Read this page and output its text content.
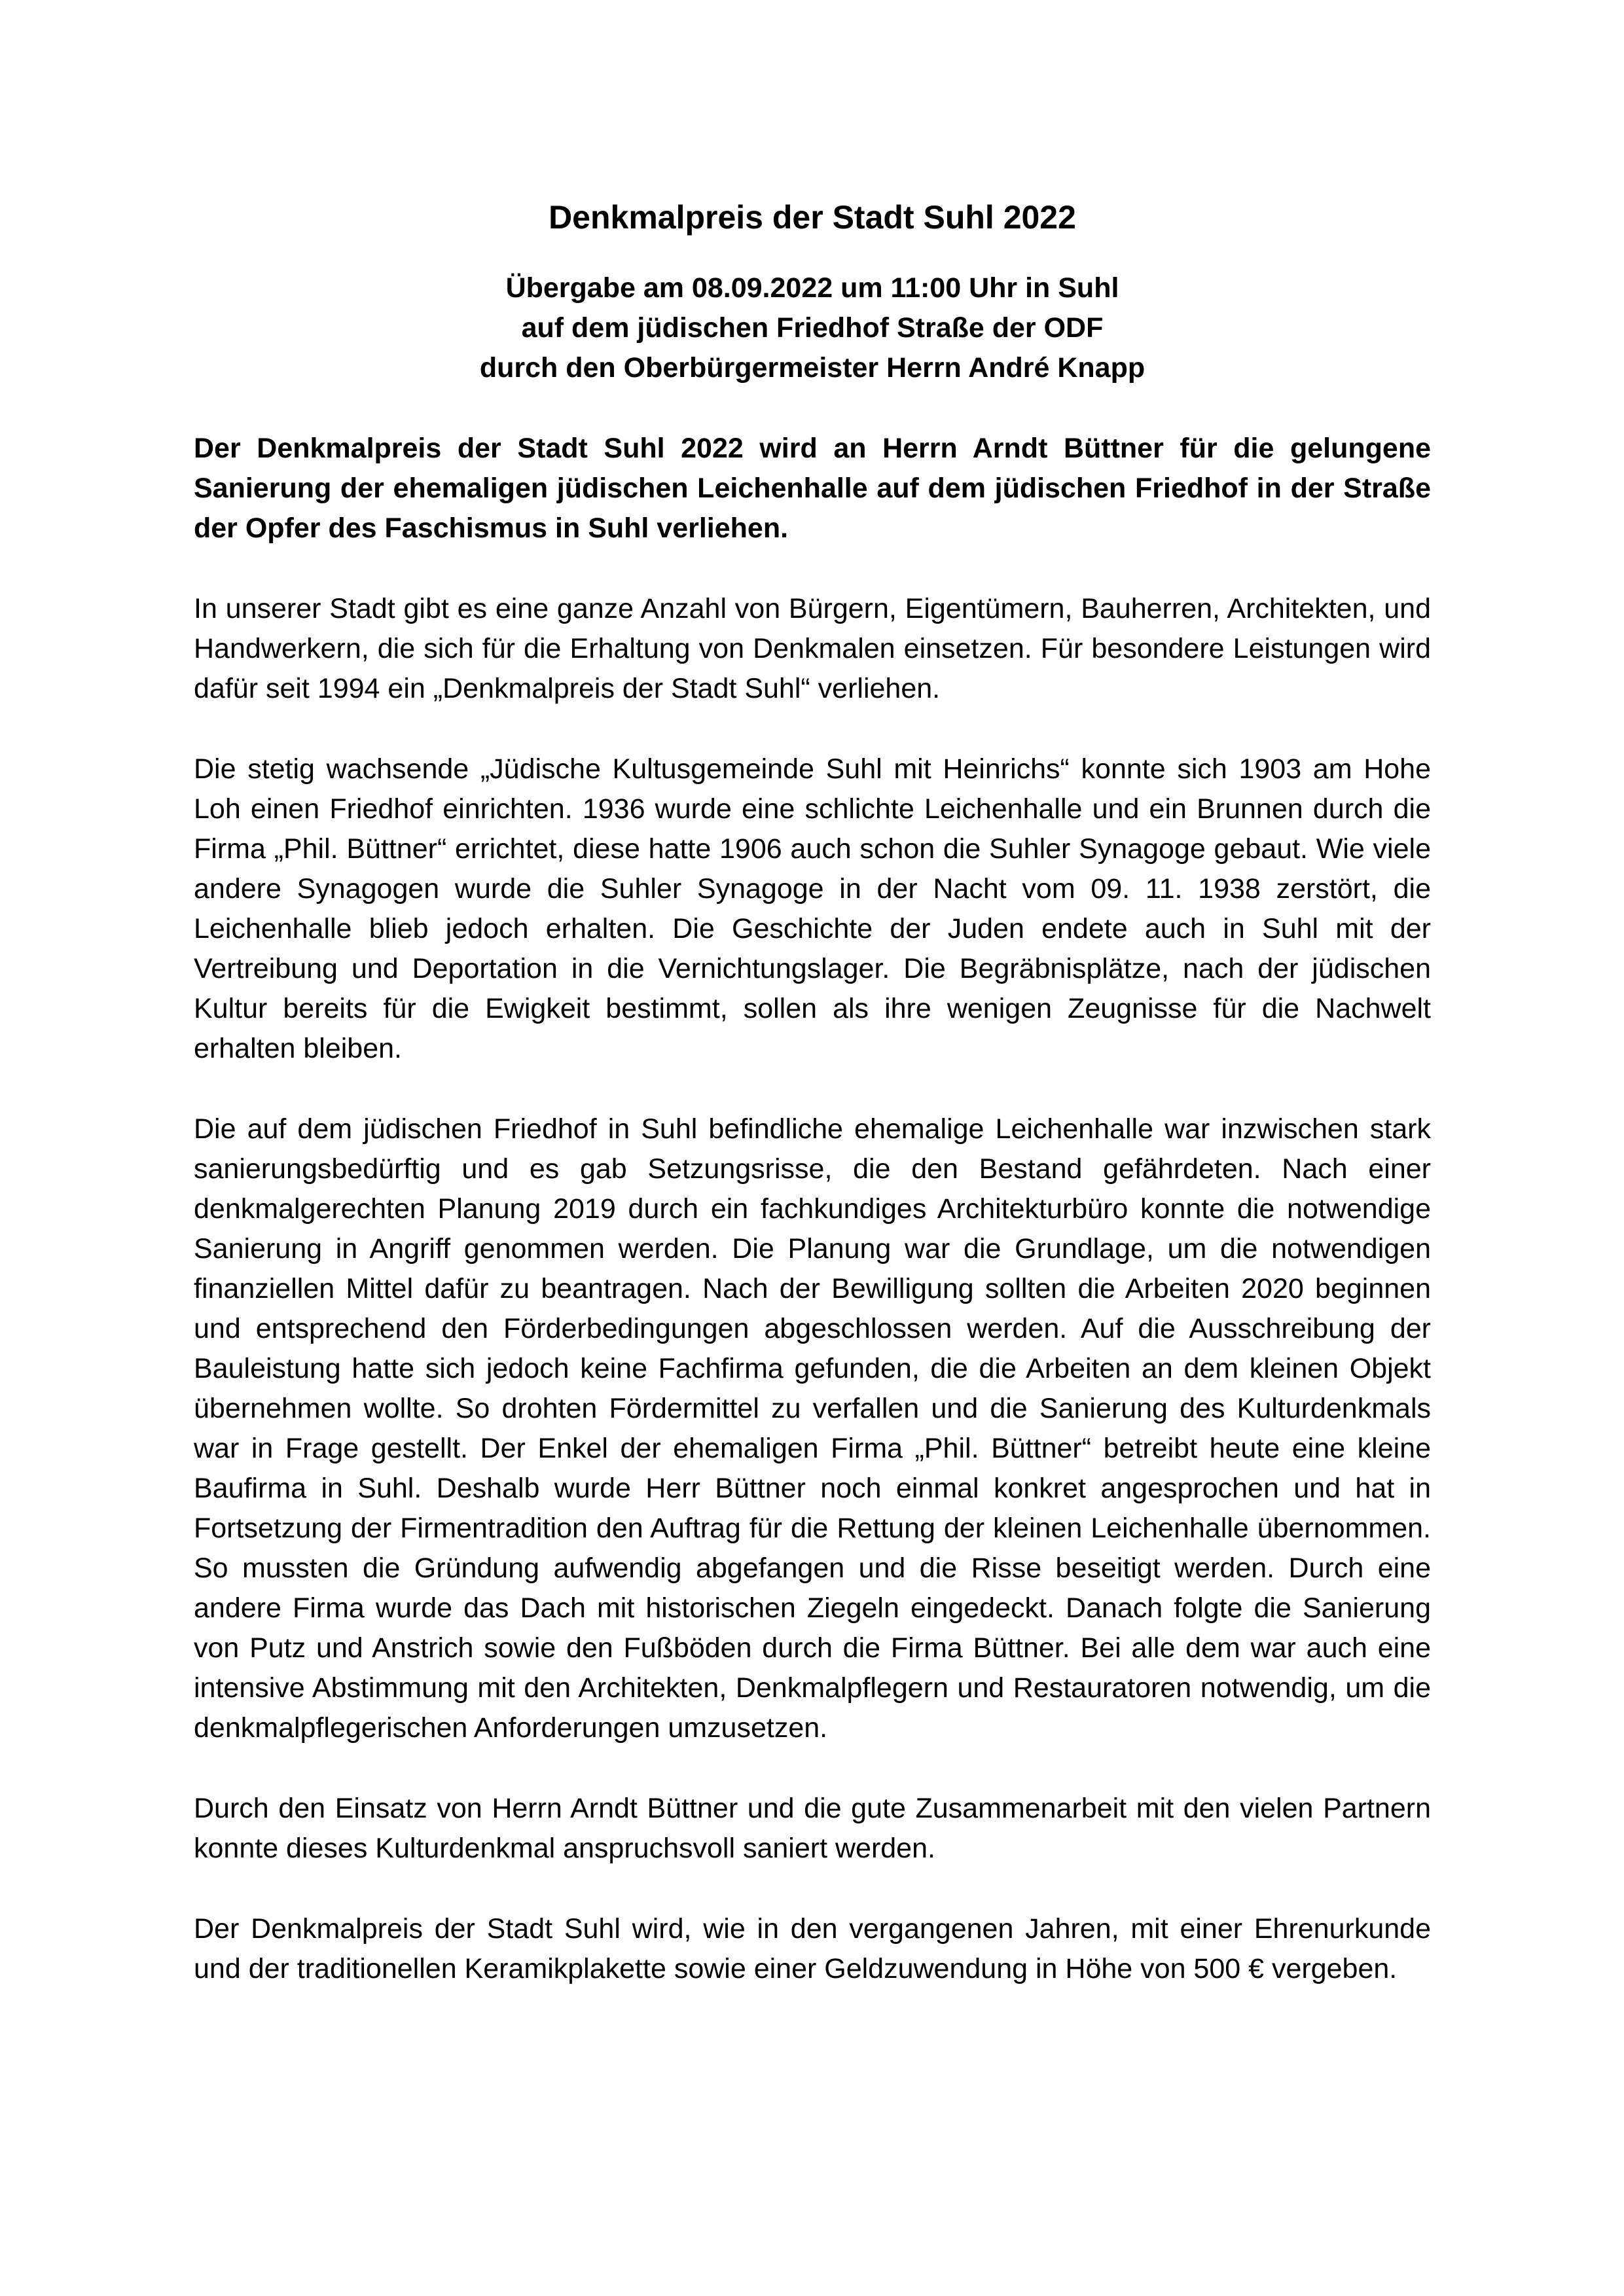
Denkmalpreis der Stadt Suhl 2022
Übergabe am 08.09.2022 um 11:00 Uhr in Suhl
auf dem jüdischen Friedhof Straße der ODF
durch den Oberbürgermeister Herrn André Knapp

Der Denkmalpreis der Stadt Suhl 2022 wird an Herrn Arndt Büttner für die gelungene Sanierung der ehemaligen jüdischen Leichenhalle auf dem jüdischen Friedhof in der Straße der Opfer des Faschismus in Suhl verliehen.

In unserer Stadt gibt es eine ganze Anzahl von Bürgern, Eigentümern, Bauherren, Architekten, und Handwerkern, die sich für die Erhaltung von Denkmalen einsetzen. Für besondere Leistungen wird dafür seit 1994 ein „Denkmalpreis der Stadt Suhl“ verliehen.

Die stetig wachsende „Jüdische Kultusgemeinde Suhl mit Heinrichs“ konnte sich 1903 am Hohe Loh einen Friedhof einrichten. 1936 wurde eine schlichte Leichenhalle und ein Brunnen durch die Firma „Phil. Büttner“ errichtet, diese hatte 1906 auch schon die Suhler Synagoge gebaut. Wie viele andere Synagogen wurde die Suhler Synagoge in der Nacht vom 09. 11. 1938 zerstört, die Leichenhalle blieb jedoch erhalten. Die Geschichte der Juden endete auch in Suhl mit der Vertreibung und Deportation in die Vernichtungslager. Die Begräbnisplätze, nach der jüdischen Kultur bereits für die Ewigkeit bestimmt, sollen als ihre wenigen Zeugnisse für die Nachwelt erhalten bleiben.

Die auf dem jüdischen Friedhof in Suhl befindliche ehemalige Leichenhalle war inzwischen stark sanierungsbedürftig und es gab Setzungsrisse, die den Bestand gefährdeten. Nach einer denkmalgerechten Planung 2019 durch ein fachkundiges Architekturbüro konnte die notwendige Sanierung in Angriff genommen werden. Die Planung war die Grundlage, um die notwendigen finanziellen Mittel dafür zu beantragen. Nach der Bewilligung sollten die Arbeiten 2020 beginnen und entsprechend den Förderbedingungen abgeschlossen werden. Auf die Ausschreibung der Bauleistung hatte sich jedoch keine Fachfirma gefunden, die die Arbeiten an dem kleinen Objekt übernehmen wollte. So drohten Fördermittel zu verfallen und die Sanierung des Kulturdenkmals war in Frage gestellt. Der Enkel der ehemaligen Firma „Phil. Büttner“ betreibt heute eine kleine Baufirma in Suhl. Deshalb wurde Herr Büttner noch einmal konkret angesprochen und hat in Fortsetzung der Firmentradition den Auftrag für die Rettung der kleinen Leichenhalle übernommen. So mussten die Gründung aufwendig abgefangen und die Risse beseitigt werden. Durch eine andere Firma wurde das Dach mit historischen Ziegeln eingedeckt. Danach folgte die Sanierung von Putz und Anstrich sowie den Fußböden durch die Firma Büttner. Bei alle dem war auch eine intensive Abstimmung mit den Architekten, Denkmalpflegern und Restauratoren notwendig, um die denkmalpflegerischen Anforderungen umzusetzen.

Durch den Einsatz von Herrn Arndt Büttner und die gute Zusammenarbeit mit den vielen Partnern konnte dieses Kulturdenkmal anspruchsvoll saniert werden.

Der Denkmalpreis der Stadt Suhl wird, wie in den vergangenen Jahren, mit einer Ehrenurkunde und der traditionellen Keramikplakette sowie einer Geldzuwendung in Höhe von 500 € vergeben.
